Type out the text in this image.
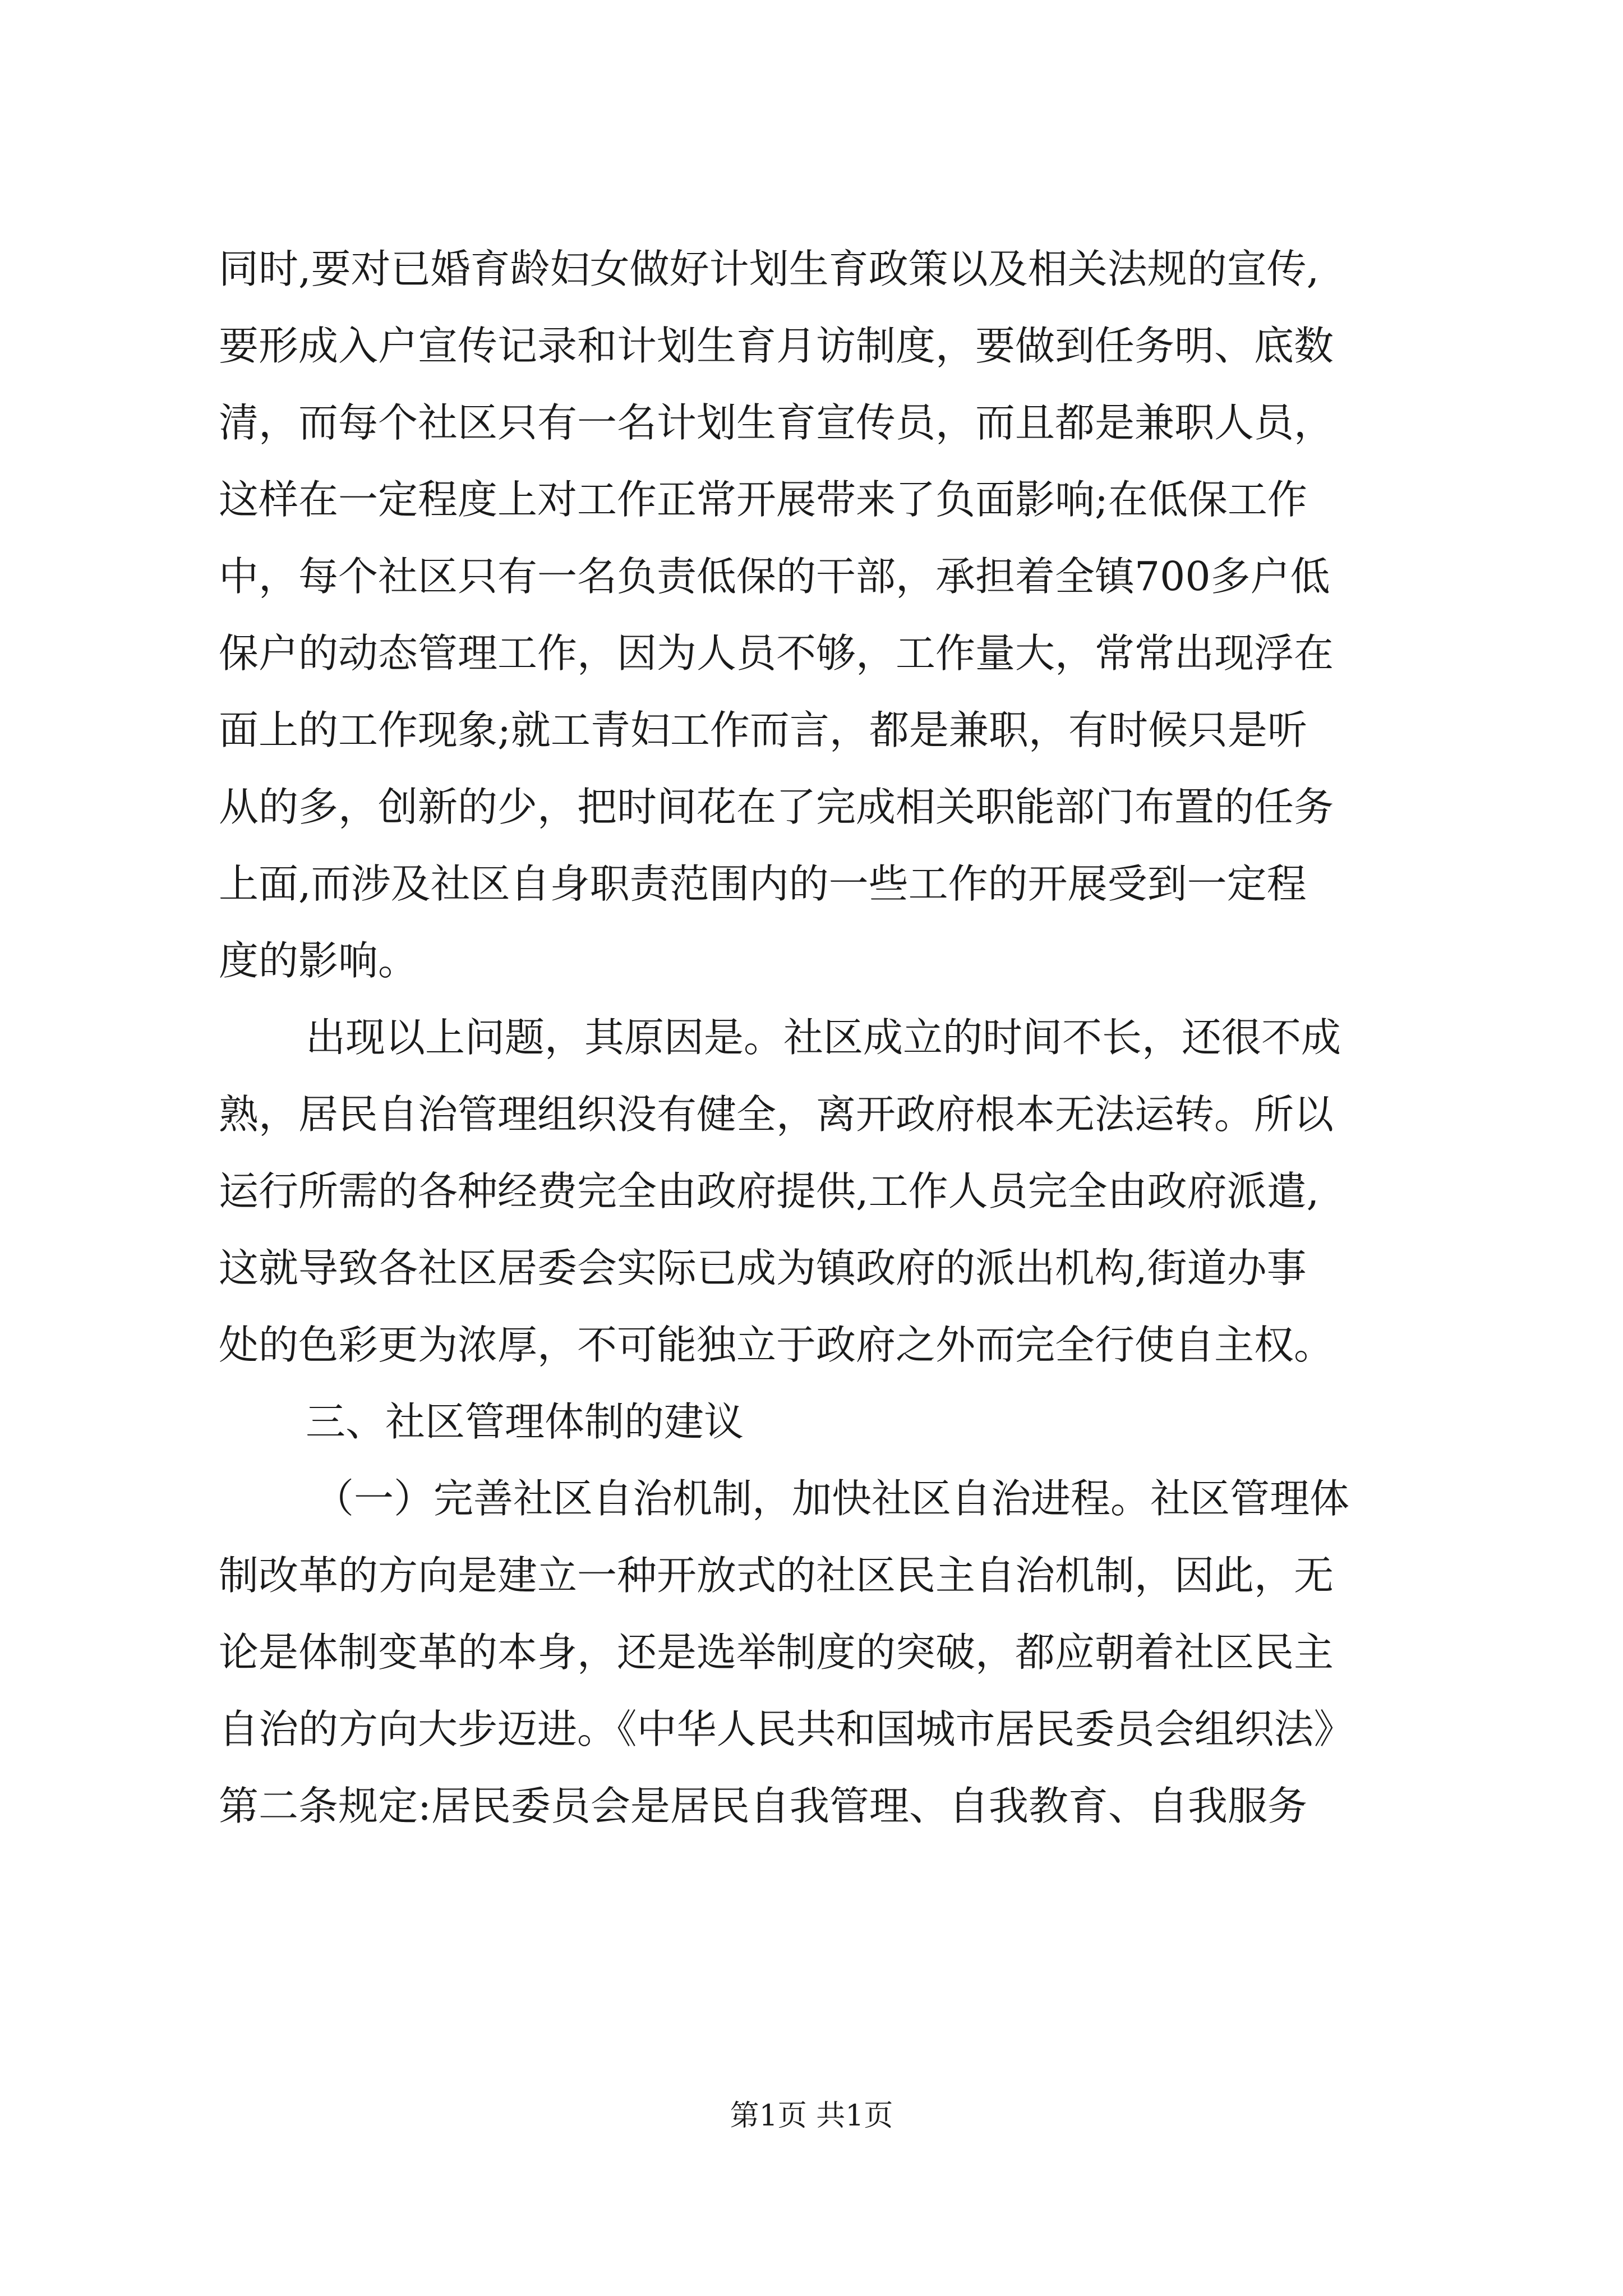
同时,要对已婚育龄妇女做好计划生育政策以及相关法规的宣传,
要形成入户宣传记录和计划生育月访制度，要做到任务明、底数
清，而每个社区只有一名计划生育宣传员，而且都是兼职人员，
这样在一定程度上对工作正常开展带来了负面影响;在低保工作
中，每个社区只有一名负责低保的干部，承担着全镇700多户低
保户的动态管理工作，因为人员不够，工作量大，常常出现浮在
面上的工作现象;就工青妇工作而言，都是兼职，有时候只是听
从的多，创新的少，把时间花在了完成相关职能部门布置的任务
上面,而涉及社区自身职责范围内的一些工作的开展受到一定程
度的影响。
出现以上问题，其原因是。社区成立的时间不长，还很不成
熟，居民自治管理组织没有健全，离开政府根本无法运转。所以
运行所需的各种经费完全由政府提供,工作人员完全由政府派遣,
这就导致各社区居委会实际已成为镇政府的派出机构,街道办事
处的色彩更为浓厚，不可能独立于政府之外而完全行使自主权。
三、社区管理体制的建议
（一）完善社区自治机制，加快社区自治进程。社区管理体
制改革的方向是建立一种开放式的社区民主自治机制，因此，无
论是体制变革的本身，还是选举制度的突破，都应朝着社区民主
自治的方向大步迈进。《中华人民共和国城市居民委员会组织法》
第二条规定:居民委员会是居民自我管理、自我教育、自我服务
第1页 共1页
